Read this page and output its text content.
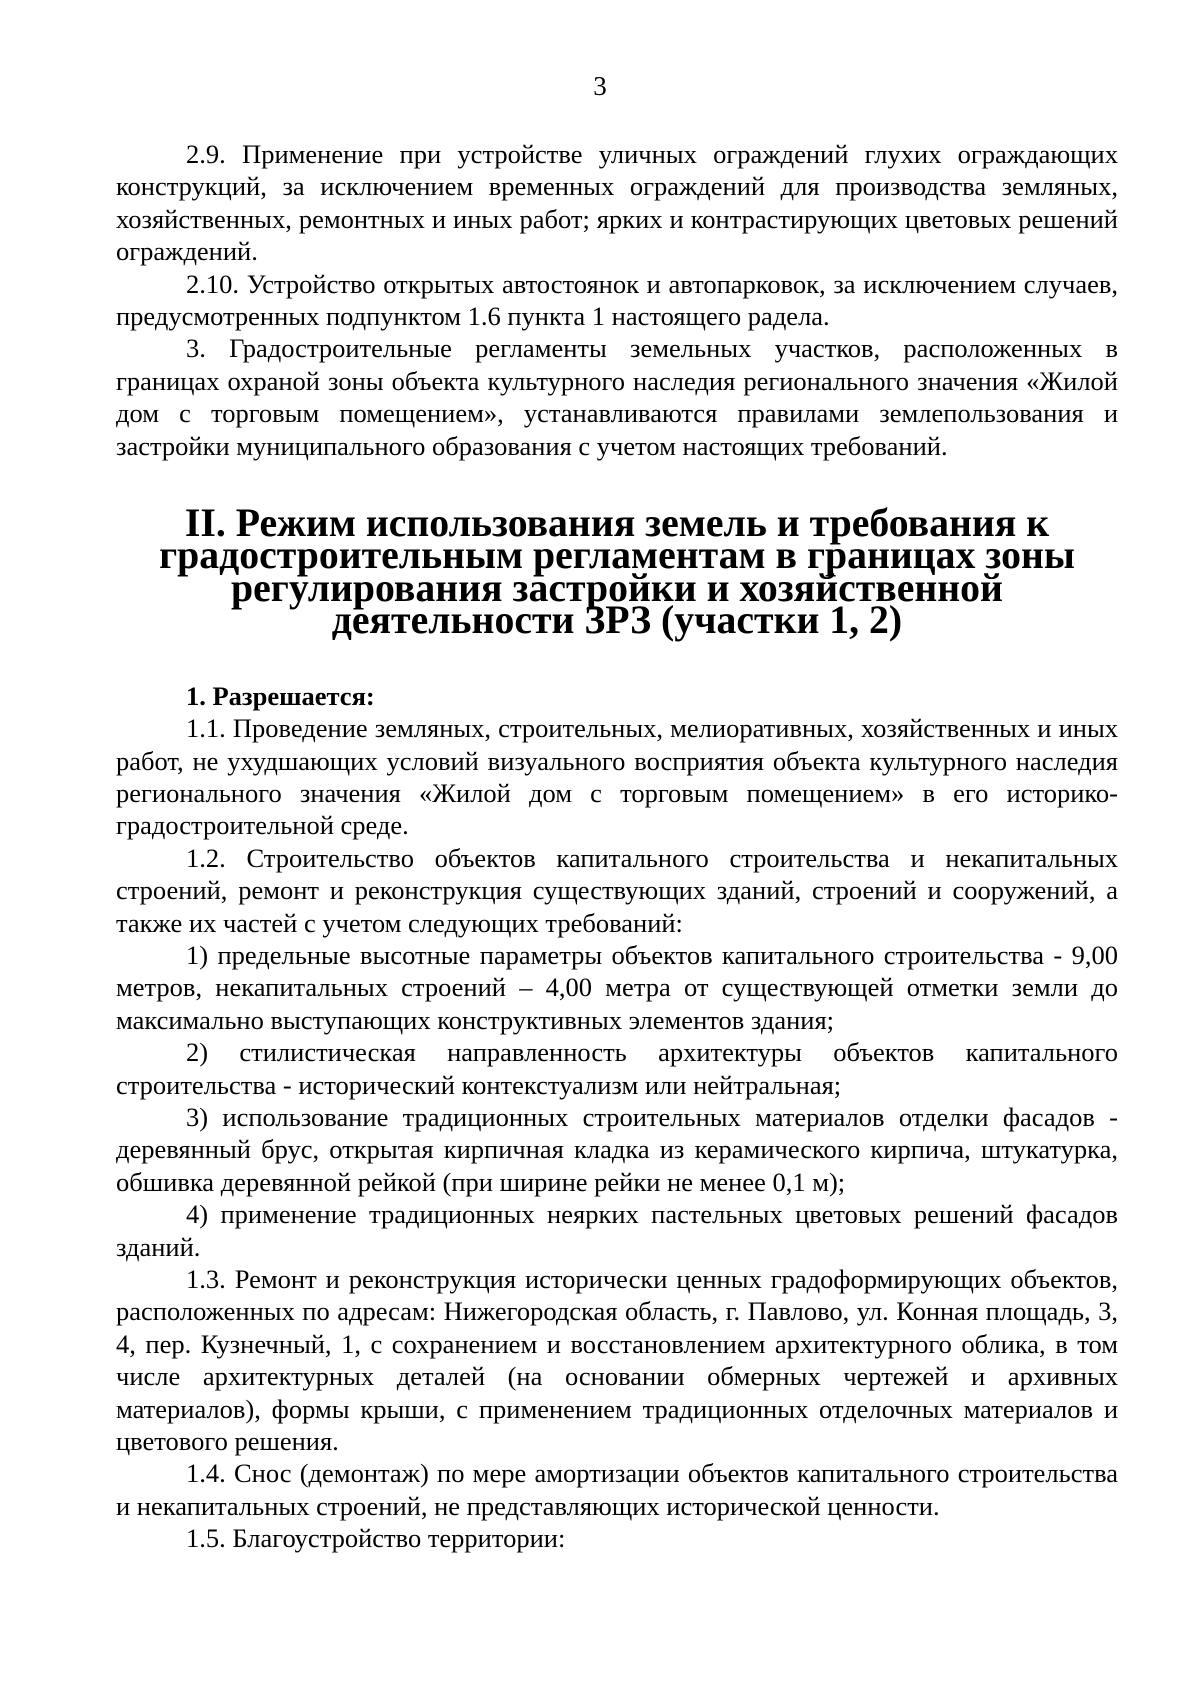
3

2.9. Применение при устройстве уличных ограждений глухих ограждающих конструкций, за исключением временных ограждений для производства земляных, хозяйственных, ремонтных и иных работ; ярких и контрастирующих цветовых решений ограждений.

2.10. Устройство открытых автостоянок и автопарковок, за исключением случаев, предусмотренных подпунктом 1.6 пункта 1 настоящего радела.

3. Градостроительные регламенты земельных участков, расположенных в границах охраной зоны объекта культурного наследия регионального значения «Жилой дом с торговым помещением», устанавливаются правилами землепользования и застройки муниципального образования с учетом настоящих требований.

II. Режим использования земель и требования к градостроительным регламентам в границах зоны регулирования застройки и хозяйственной деятельности ЗРЗ (участки 1, 2)

1. Разрешается:

1.1. Проведение земляных, строительных, мелиоративных, хозяйственных и иных работ, не ухудшающих условий визуального восприятия объекта культурного наследия регионального значения «Жилой дом с торговым помещением» в его историко-градостроительной среде.

1.2. Строительство объектов капитального строительства и некапитальных строений, ремонт и реконструкция существующих зданий, строений и сооружений, а также их частей с учетом следующих требований:

1) предельные высотные параметры объектов капитального строительства - 9,00 метров, некапитальных строений – 4,00 метра от существующей отметки земли до максимально выступающих конструктивных элементов здания;

2) стилистическая направленность архитектуры объектов капитального строительства - исторический контекстуализм или нейтральная;

3) использование традиционных строительных материалов отделки фасадов - деревянный брус, открытая кирпичная кладка из керамического кирпича, штукатурка, обшивка деревянной рейкой (при ширине рейки не менее 0,1 м);

4) применение традиционных неярких пастельных цветовых решений фасадов зданий.

1.3. Ремонт и реконструкция исторически ценных градоформирующих объектов, расположенных по адресам: Нижегородская область, г. Павлово, ул. Конная площадь, 3, 4, пер. Кузнечный, 1, с сохранением и восстановлением архитектурного облика, в том числе архитектурных деталей (на основании обмерных чертежей и архивных материалов), формы крыши, с применением традиционных отделочных материалов и цветового решения.

1.4. Снос (демонтаж) по мере амортизации объектов капитального строительства и некапитальных строений, не представляющих исторической ценности.

1.5. Благоустройство территории:
